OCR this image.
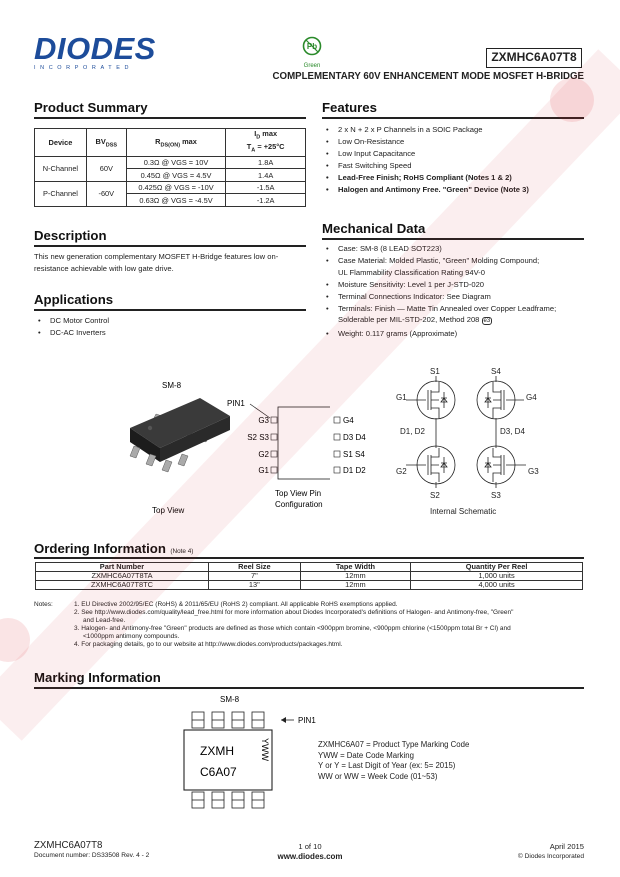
DIODES
INCORPORATED
Pb
Green
ZXMHC6A07T8
COMPLEMENTARY 60V ENHANCEMENT MODE MOSFET H-BRIDGE
Product Summary
Device	$BV_{DSS}$	$R_{DS(ON)}$ max	$I_D$ max
$T_A = +25^\circ C$
N-Channel	60V	0.3Ω @ VGS = 10V	1.8A
		0.45Ω @ VGS = 4.5V	1.4A
P-Channel	-60V	0.425Ω @ VGS = -10V	-1.5A
		0.63Ω @ VGS = -4.5V	-1.2A
Description
This new generation complementary MOSFET H-Bridge features low on-resistance achievable with low gate drive.
Applications
• DC Motor Control
• DC-AC Inverters
Features
• 2 x N + 2 x P Channels in a SOIC Package
• Low On-Resistance
• Low Input Capacitance
• Fast Switching Speed
• Lead-Free Finish; RoHS Compliant (Notes 1 & 2)
• Halogen and Antimony Free. "Green" Device (Note 3)
Mechanical Data
• Case: SM-8 (8 LEAD SOT223)
• Case Material: Molded Plastic, "Green" Molding Compound;
UL Flammability Classification Rating 94V-0
• Moisture Sensitivity: Level 1 per J-STD-020
• Terminal Connections Indicator: See Diagram
• Terminals: Finish — Matte Tin Annealed over Copper Leadframe;
Solderable per MIL-STD-202, Method 208 e3
• Weight: 0.117 grams (Approximate)
SM-8
Top View
PIN1
G3
S2 S3
G2
G1
Top View Pin
Configuration
G4
D3 D4
S1 S4
D1 D2
S1	S4
G1	G4
D1, D2	D3, D4
G2	G3
S2	S3
Internal Schematic
Ordering Information (Note 4)
Part Number	Reel Size	Tape Width	Quantity Per Reel
ZXMHC6A07T8TA	7"	12mm	1,000 units
ZXMHC6A07T8TC	13"	12mm	4,000 units
Notes:	1. EU Directive 2002/95/EC (RoHS) & 2011/65/EU (RoHS 2) compliant. All applicable RoHS exemptions applied.
2. See http://www.diodes.com/quality/lead_free.html for more information about Diodes Incorporated's definitions of Halogen- and Antimony-free, "Green"
and Lead-free.
3. Halogen- and Antimony-free "Green" products are defined as those which contain <900ppm bromine, <900ppm chlorine (<1500ppm total Br + Cl) and
<1000ppm antimony compounds.
4. For packaging details, go to our website at http://www.diodes.com/products/packages.html.
Marking Information
SM-8
ZXMH
C6A07
YWW
PIN1
ZXMHC6A07 = Product Type Marking Code
YWW = Date Code Marking
Y or Y = Last Digit of Year (ex: 5= 2015)
WW or WW = Week Code (01~53)
ZXMHC6A07T8
Document number: DS33508 Rev. 4 - 2
1 of 10
www.diodes.com
April 2015
© Diodes Incorporated
